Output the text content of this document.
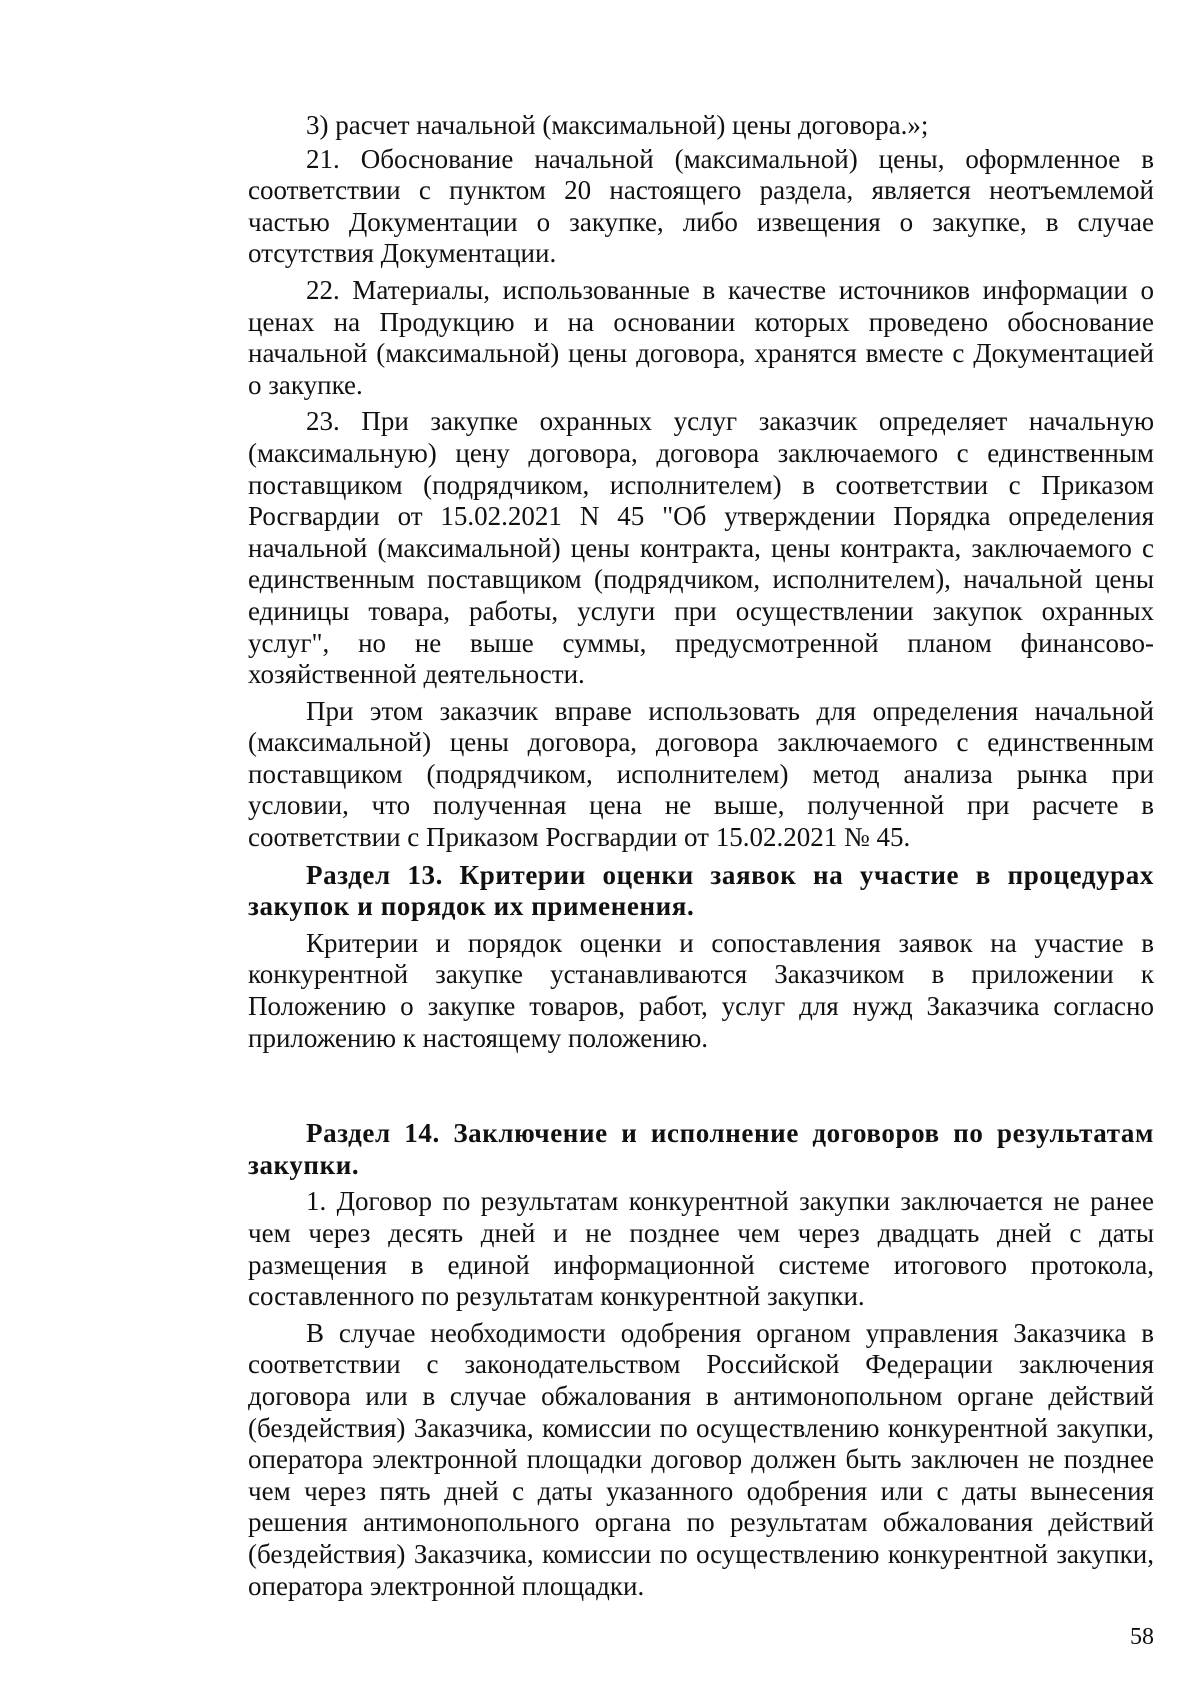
3) расчет начальной (максимальной) цены договора.»;

21. Обоснование начальной (максимальной) цены, оформленное в соответствии с пунктом 20 настоящего раздела, является неотъемлемой частью Документации о закупке, либо извещения о закупке, в случае отсутствия Документации.

22. Материалы, использованные в качестве источников информации о ценах на Продукцию и на основании которых проведено обоснование начальной (максимальной) цены договора, хранятся вместе с Документацией о закупке.

23. При закупке охранных услуг заказчик определяет начальную (максимальную) цену договора, договора заключаемого с единственным поставщиком (подрядчиком, исполнителем) в соответствии с Приказом Росгвардии от 15.02.2021 N 45 "Об утверждении Порядка определения начальной (максимальной) цены контракта, цены контракта, заключаемого с единственным поставщиком (подрядчиком, исполнителем), начальной цены единицы товара, работы, услуги при осуществлении закупок охранных услуг", но не выше суммы, предусмотренной планом финансово-хозяйственной деятельности.

При этом заказчик вправе использовать для определения начальной (максимальной) цены договора, договора заключаемого с единственным поставщиком (подрядчиком, исполнителем) метод анализа рынка при условии, что полученная цена не выше, полученной при расчете в соответствии с Приказом Росгвардии от 15.02.2021 № 45.

Раздел 13. Критерии оценки заявок на участие в процедурах закупок и порядок их применения.

Критерии и порядок оценки и сопоставления заявок на участие в конкурентной закупке устанавливаются Заказчиком в приложении к Положению о закупке товаров, работ, услуг для нужд Заказчика согласно приложению к настоящему положению.

Раздел 14. Заключение и исполнение договоров по результатам закупки.

1. Договор по результатам конкурентной закупки заключается не ранее чем через десять дней и не позднее чем через двадцать дней с даты размещения в единой информационной системе итогового протокола, составленного по результатам конкурентной закупки.

В случае необходимости одобрения органом управления Заказчика в соответствии с законодательством Российской Федерации заключения договора или в случае обжалования в антимонопольном органе действий (бездействия) Заказчика, комиссии по осуществлению конкурентной закупки, оператора электронной площадки договор должен быть заключен не позднее чем через пять дней с даты указанного одобрения или с даты вынесения решения антимонопольного органа по результатам обжалования действий (бездействия) Заказчика, комиссии по осуществлению конкурентной закупки, оператора электронной площадки.

58
